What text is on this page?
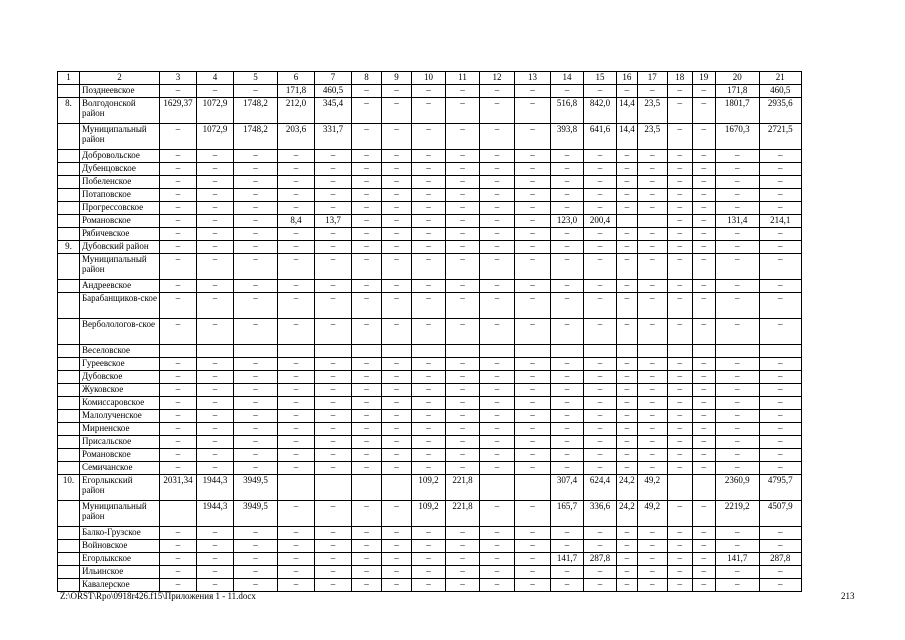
1	2	3	4	5	6	7	8	9	10	11	12	13	14	15	16	17	18	19	20	21
	Позднеевское	–	–	–	171,8	460,5	–	–	–	–	–	–	–	–	–	–	–	–	171,8	460,5
8.	Волгодонской район	1629,37	1072,9	1748,2	212,0	345,4	–	–	–	–	–	–	516,8	842,0	14,4	23,5	–	–	1801,7	2935,6
	Муниципальный район	–	1072,9	1748,2	203,6	331,7	–	–	–	–	–	–	393,8	641,6	14,4	23,5	–	–	1670,3	2721,5
	Добровольское	–	–	–	–	–	–	–	–	–	–	–	–	–	–	–	–	–	–	–
	Дубенцовское	–	–	–	–	–	–	–	–	–	–	–	–	–	–	–	–	–	–	–
	Побеленское	–	–	–	–	–	–	–	–	–	–	–	–	–	–	–	–	–	–	–
	Потаповское	–	–	–	–	–	–	–	–	–	–	–	–	–	–	–	–	–	–	–
	Прогрессовское	–	–	–	–	–	–	–	–	–	–	–	–	–	–	–	–	–	–	–
	Романовское	–	–	–	8,4	13,7	–	–	–	–	–	–	123,0	200,4			–	–	131,4	214,1
	Рябичевское	–	–	–	–	–	–	–	–	–	–	–	–	–	–	–	–	–	–	–
9.	Дубовский район	–	–	–	–	–	–	–	–	–	–	–	–	–	–	–	–	–	–	–
	Муниципальный район	–	–	–	–	–	–	–	–	–	–	–	–	–	–	–	–	–	–	–
	Андреевское	–	–	–	–	–	–	–	–	–	–	–	–	–	–	–	–	–	–	–
	Барабанщиков-ское	–	–	–	–	–	–	–	–	–	–	–	–	–	–	–	–	–	–	–
	Верболологов-ское	–	–	–	–	–	–	–	–	–	–	–	–	–	–	–	–	–	–	–
	Веселовское																			
	Гуреевское	–	–	–	–	–	–	–	–	–	–	–	–	–	–	–	–	–	–	–
	Дубовское	–	–	–	–	–	–	–	–	–	–	–	–	–	–	–	–	–	–	–
	Жуковское	–	–	–	–	–	–	–	–	–	–	–	–	–	–	–	–	–	–	–
	Комиссаровское	–	–	–	–	–	–	–	–	–	–	–	–	–	–	–	–	–	–	–
	Малолученское	–	–	–	–	–	–	–	–	–	–	–	–	–	–	–	–	–	–	–
	Мирненское	–	–	–	–	–	–	–	–	–	–	–	–	–	–	–	–	–	–	–
	Присальское	–	–	–	–	–	–	–	–	–	–	–	–	–	–	–	–	–	–	–
	Романовское	–	–	–	–	–	–	–	–	–	–	–	–	–	–	–	–	–	–	–
	Семичанское	–	–	–	–	–	–	–	–	–	–	–	–	–	–	–	–	–	–	–
10.	Егорлыкский район	2031,34	1944,3	3949,5					109,2	221,8			307,4	624,4	24,2	49,2			2360,9	4795,7
	Муниципальный район		1944,3	3949,5	–	–	–	–	109,2	221,8	–	–	165,7	336,6	24,2	49,2	–	–	2219,2	4507,9
	Балко-Грузское	–	–	–	–	–	–	–	–	–	–	–	–	–	–	–	–	–	–	–
	Войновское	–	–	–	–	–	–	–	–	–	–	–	–	–	–	–	–	–	–	–
	Егорлыкское	–	–	–	–	–	–	–	–	–	–	–	141,7	287,8	–	–	–	–	141,7	287,8
	Ильинское	–	–	–	–	–	–	–	–	–	–	–	–	–	–	–	–	–	–	–
	Кавалерское	–	–	–	–	–	–	–	–	–	–	–	–	–	–	–	–	–	–	–
Z:\ORST\Rpo\0918r426.f15\Приложения 1 - 11.docx	213
